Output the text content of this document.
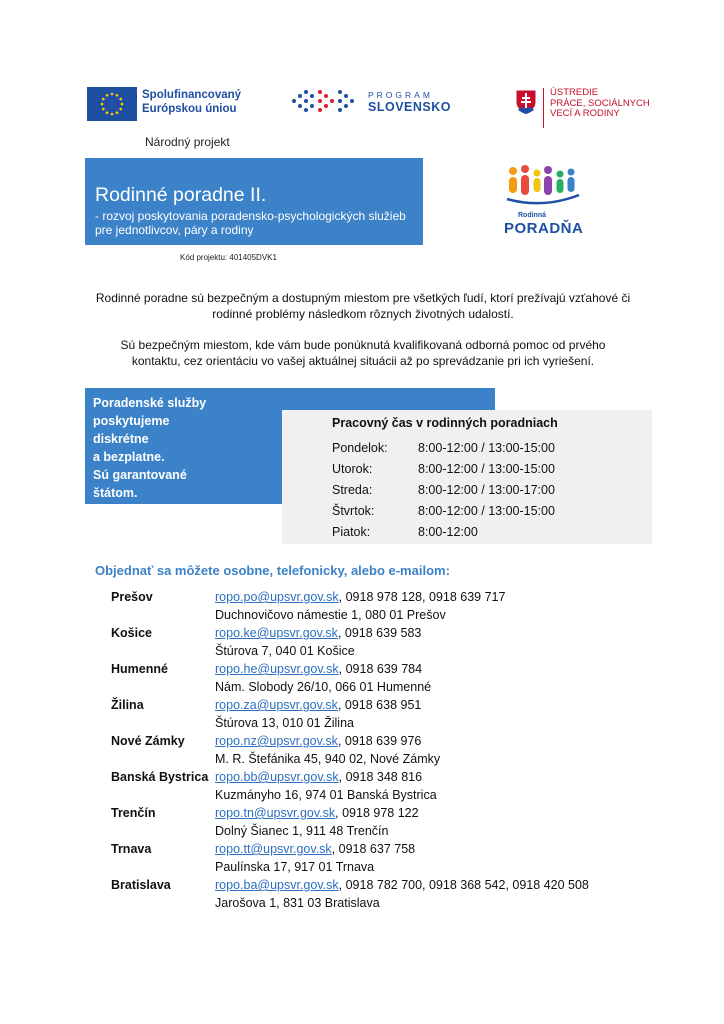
Spolufinancovaný
Európskou úniou
PROGRAM
SLOVENSKO
ÚSTREDIE
PRÁCE, SOCIÁLNYCH
VECÍ A RODINY
Národný projekt
Rodinné poradne II.
- rozvoj poskytovania poradensko-psychologických služieb
pre jednotlivcov, páry a rodiny
Rodinná
PORADŇA
Kód projektu: 401405DVK1
Rodinné poradne sú bezpečným a dostupným miestom pre všetkých ľudí, ktorí prežívajú vzťahové či
rodinné problémy následkom rôznych životných udalostí.
Sú bezpečným miestom, kde vám bude ponúknutá kvalifikovaná odborná pomoc od prvého
kontaktu, cez orientáciu vo vašej aktuálnej situácii až po sprevádzanie pri ich vyriešení.
Poradenské služby
poskytujeme
diskrétne
a bezplatne.
Sú garantované
štátom.
Pracovný čas v rodinných poradniach
Pondelok: 8:00-12:00 / 13:00-15:00
Utorok:	8:00-12:00 / 13:00-15:00
Streda:	8:00-12:00 / 13:00-17:00
Štvrtok:	8:00-12:00 / 13:00-15:00
Piatok:	8:00-12:00
Objednať sa môžete osobne, telefonicky, alebo e-mailom:
Prešov	ropo.po@upsvr.gov.sk, 0918 978 128, 0918 639 717
Duchnovičovo námestie 1, 080 01 Prešov
Košice	ropo.ke@upsvr.gov.sk, 0918 639 583
Štúrova 7, 040 01 Košice
Humenné	ropo.he@upsvr.gov.sk, 0918 639 784
Nám. Slobody 26/10, 066 01 Humenné
Žilina	ropo.za@upsvr.gov.sk, 0918 638 951
Štúrova 13, 010 01 Žilina
Nové Zámky	ropo.nz@upsvr.gov.sk, 0918 639 976
M. R. Štefánika 45, 940 02, Nové Zámky
Banská Bystrica ropo.bb@upsvr.gov.sk, 0918 348 816
Kuzmányho 16, 974 01 Banská Bystrica
Trenčín	ropo.tn@upsvr.gov.sk, 0918 978 122
Dolný Šianec 1, 911 48 Trenčín
Trnava	ropo.tt@upsvr.gov.sk, 0918 637 758
Paulínska 17, 917 01 Trnava
Bratislava	ropo.ba@upsvr.gov.sk, 0918 782 700, 0918 368 542, 0918 420 508
Jarošova 1, 831 03 Bratislava
